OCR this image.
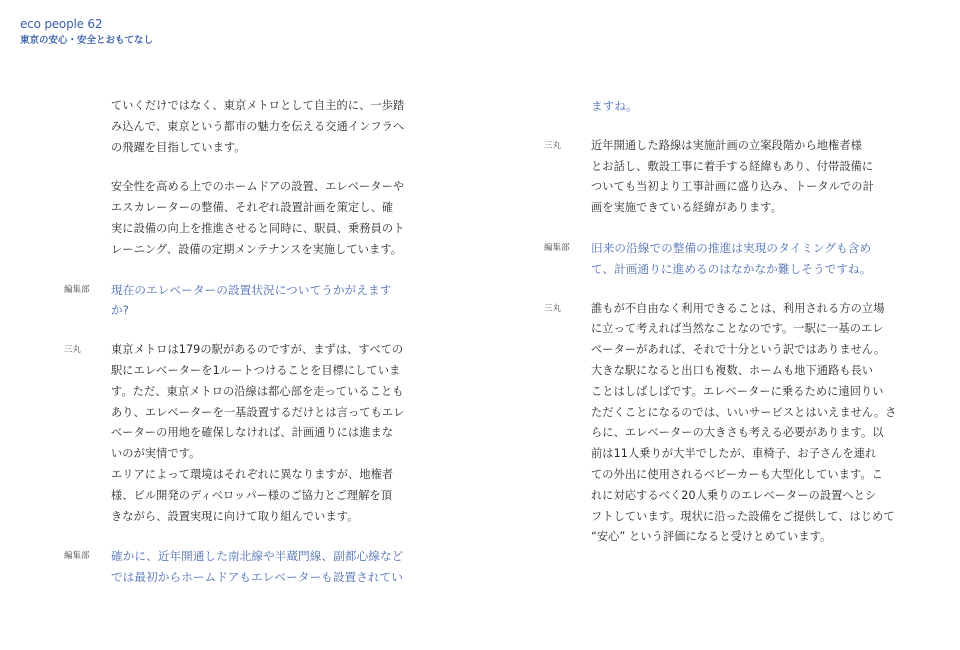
eco people 62
東京の安心・安全とおもてなし

ていくだけではなく、東京メトロとして自主的に、一歩踏

み込んで、東京という都市の魅力を伝える交通インフラへ

の飛躍を目指しています。

安全性を高める上でのホームドアの設置、エレベーターや

エスカレーターの整備、それぞれ設置計画を策定し、確

実に設備の向上を推進させると同時に、駅員、乗務員のト

レーニング、設備の定期メンテナンスを実施しています。

編集部	現在のエレベーターの設置状況についてうかがえます

か?

三丸	東京メトロは179の駅があるのですが、まずは、すべての

駅にエレベーターを1ルートつけることを目標にしていま

す。ただ、東京メトロの沿線は都心部を走っていることも

あり、エレベーターを一基設置するだけとは言ってもエレ

ベーターの用地を確保しなければ、計画通りには進まな

いのが実情です。

エリアによって環境はそれぞれに異なりますが、地権者

様、ビル開発のディベロッパー様のご協力とご理解を頂

きながら、設置実現に向けて取り組んでいます。

編集部	確かに、近年開通した南北線や半蔵門線、副都心線など

では最初からホームドアもエレベーターも設置されてい

ますね。

三丸	近年開通した路線は実施計画の立案段階から地権者様

とお話し、敷設工事に着手する経緯もあり、付帯設備に

ついても当初より工事計画に盛り込み、トータルでの計

画を実施できている経緯があります。

編集部	旧来の沿線での整備の推進は実現のタイミングも含め

て、計画通りに進めるのはなかなか難しそうですね。

三丸	誰もが不自由なく利用できることは、利用される方の立場

に立って考えれば当然なことなのです。一駅に一基のエレ

ベーターがあれば、それで十分という訳ではありません。

大きな駅になると出口も複数、ホームも地下通路も長い

ことはしばしばです。エレベーターに乗るために遠回りい

ただくことになるのでは、いいサービスとはいえません。さ

らに、エレベーターの大きさも考える必要があります。以

前は11人乗りが大半でしたが、車椅子、お子さんを連れ

ての外出に使用されるベビーカーも大型化しています。こ

れに対応するべく20人乗りのエレベーターの設置へとシ

フトしています。現状に沿った設備をご提供して、はじめて

“安心” という評価になると受けとめています。
